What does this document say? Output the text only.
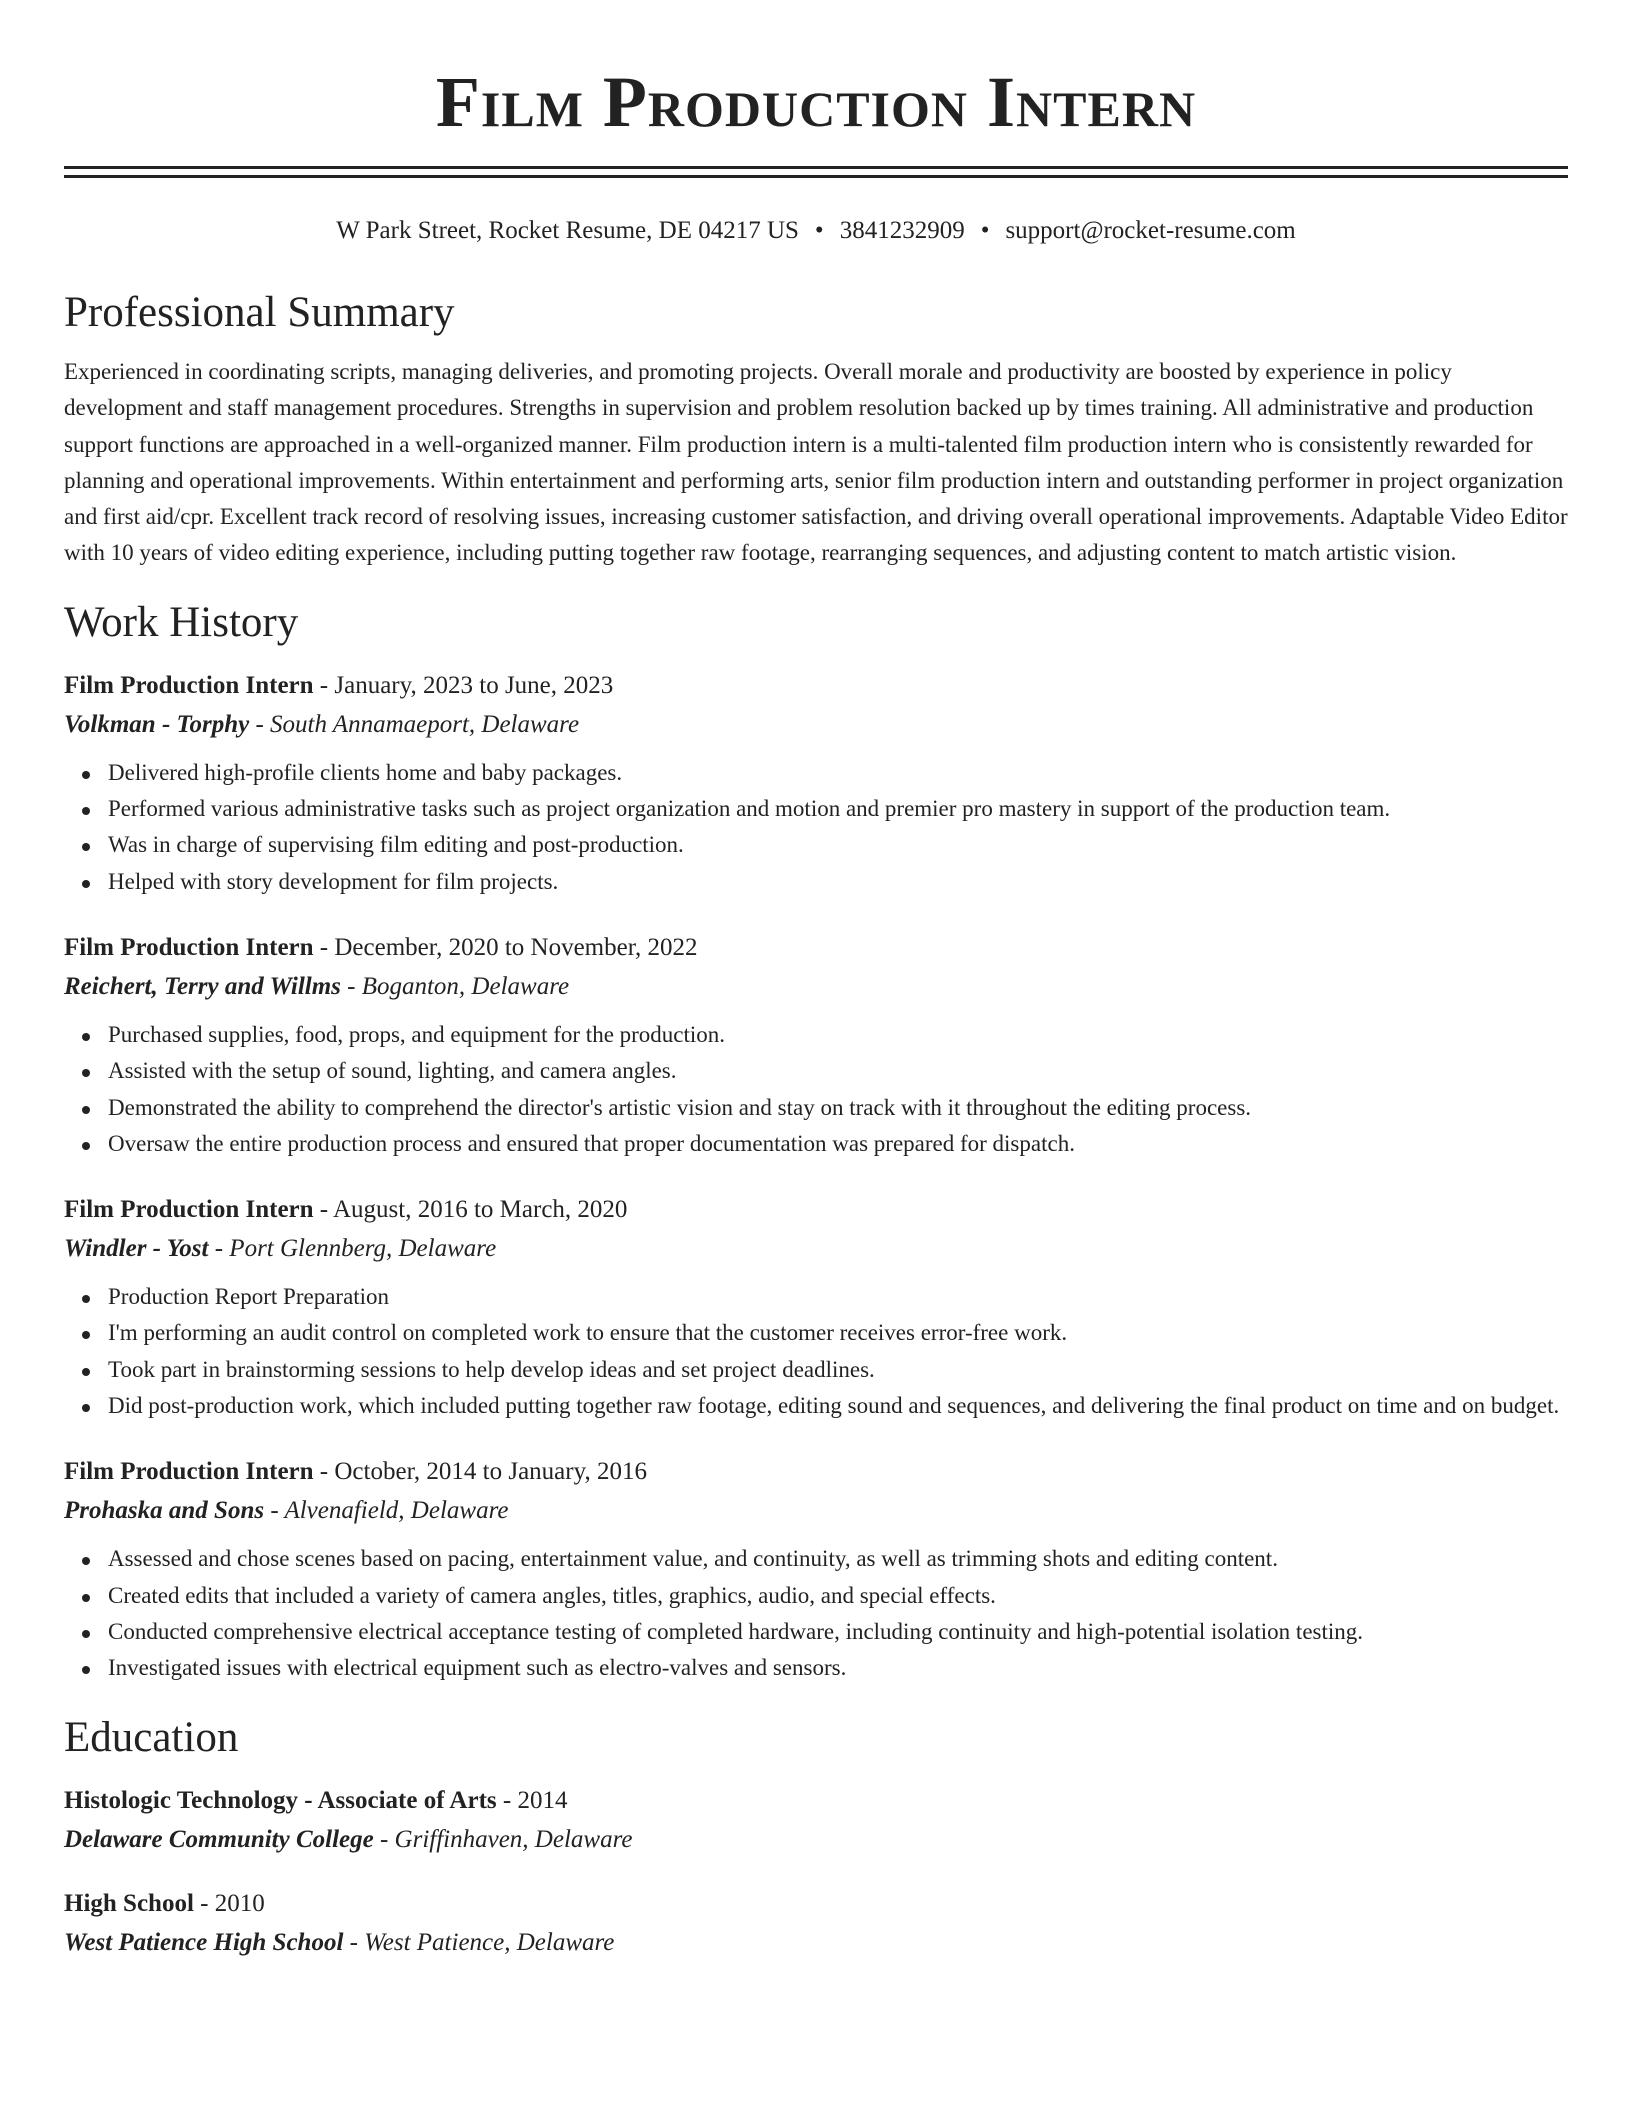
Film Production Intern
W Park Street, Rocket Resume, DE 04217 US • 3841232909 • support@rocket-resume.com
Professional Summary

Experienced in coordinating scripts, managing deliveries, and promoting projects. Overall morale and productivity are boosted by experience in policy development and staff management procedures. Strengths in supervision and problem resolution backed up by times training. All administrative and production support functions are approached in a well-organized manner. Film production intern is a multi-talented film production intern who is consistently rewarded for planning and operational improvements. Within entertainment and performing arts, senior film production intern and outstanding performer in project organization and first aid/cpr. Excellent track record of resolving issues, increasing customer satisfaction, and driving overall operational improvements. Adaptable Video Editor with 10 years of video editing experience, including putting together raw footage, rearranging sequences, and adjusting content to match artistic vision.

Work History
Film Production Intern - January, 2023 to June, 2023
Volkman - Torphy - South Annamaeport, Delaware
Delivered high-profile clients home and baby packages.
Performed various administrative tasks such as project organization and motion and premier pro mastery in support of the production team.
Was in charge of supervising film editing and post-production.
Helped with story development for film projects.
Film Production Intern - December, 2020 to November, 2022
Reichert, Terry and Willms - Boganton, Delaware
Purchased supplies, food, props, and equipment for the production.
Assisted with the setup of sound, lighting, and camera angles.
Demonstrated the ability to comprehend the director's artistic vision and stay on track with it throughout the editing process.
Oversaw the entire production process and ensured that proper documentation was prepared for dispatch.
Film Production Intern - August, 2016 to March, 2020
Windler - Yost - Port Glennberg, Delaware
Production Report Preparation
I'm performing an audit control on completed work to ensure that the customer receives error-free work.
Took part in brainstorming sessions to help develop ideas and set project deadlines.
Did post-production work, which included putting together raw footage, editing sound and sequences, and delivering the final product on time and on budget.
Film Production Intern - October, 2014 to January, 2016
Prohaska and Sons - Alvenafield, Delaware
Assessed and chose scenes based on pacing, entertainment value, and continuity, as well as trimming shots and editing content.
Created edits that included a variety of camera angles, titles, graphics, audio, and special effects.
Conducted comprehensive electrical acceptance testing of completed hardware, including continuity and high-potential isolation testing.
Investigated issues with electrical equipment such as electro-valves and sensors.
Education
Histologic Technology - Associate of Arts - 2014
Delaware Community College - Griffinhaven, Delaware
High School - 2010
West Patience High School - West Patience, Delaware
